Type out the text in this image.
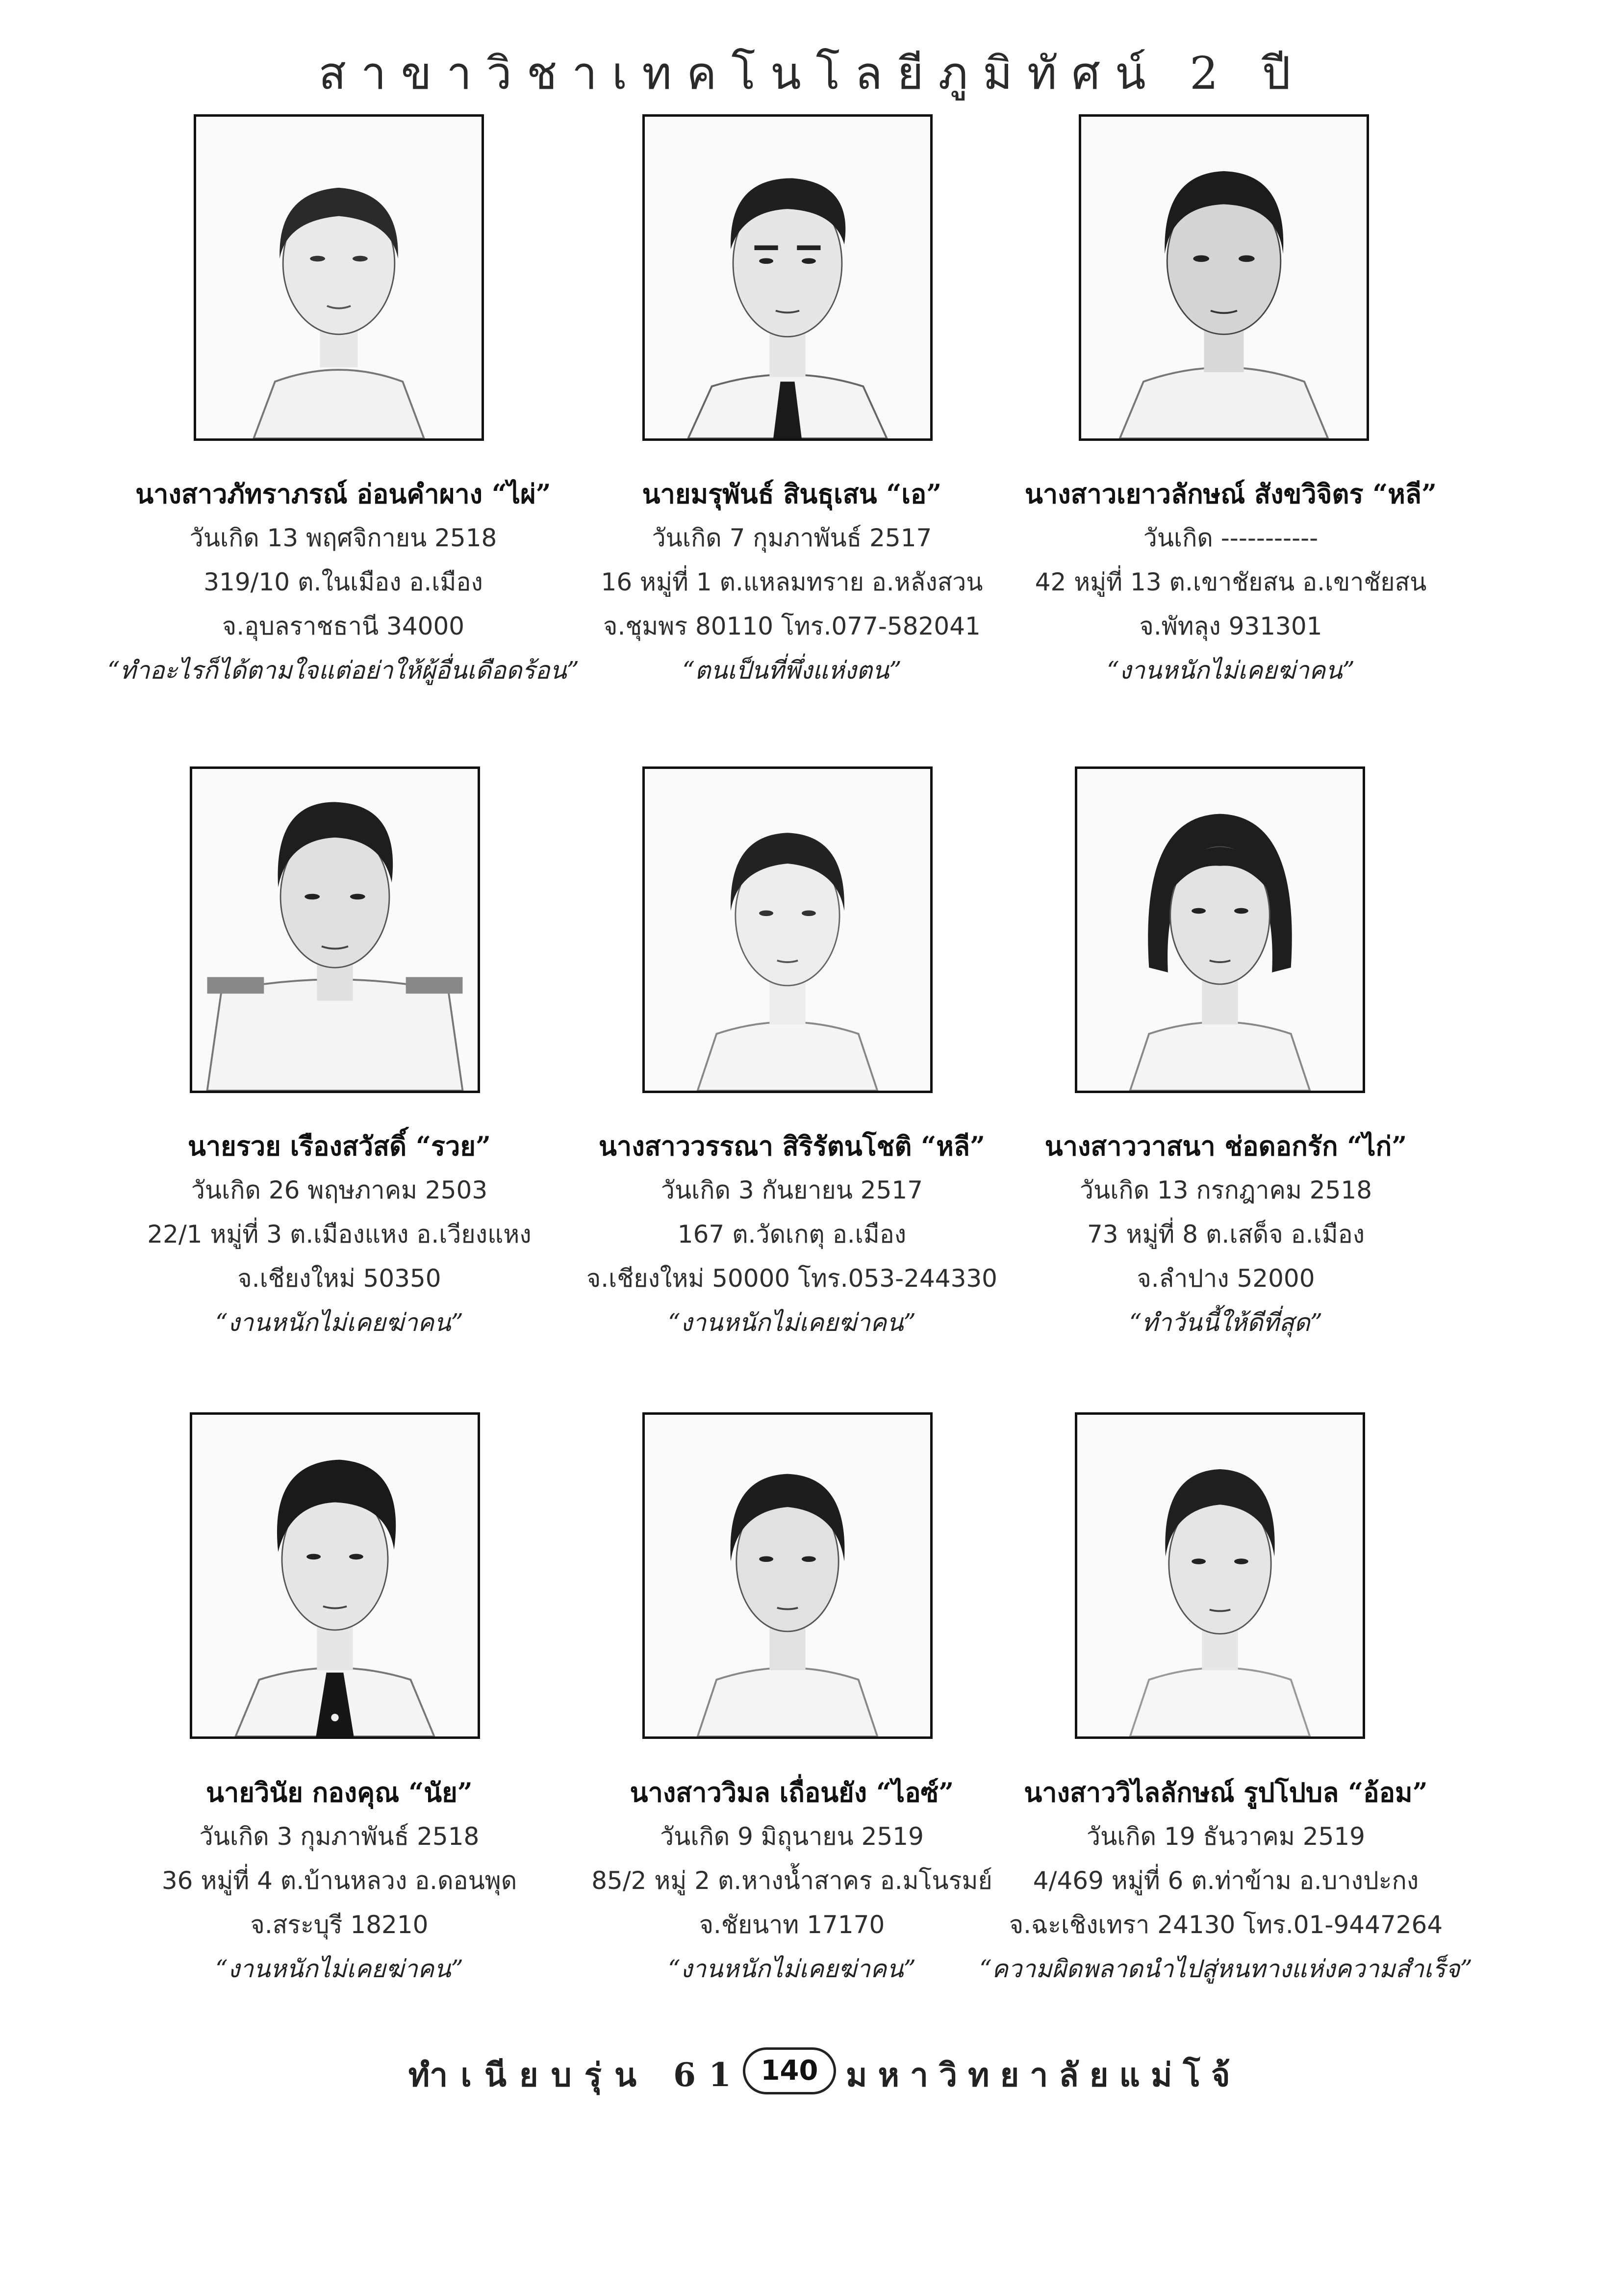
สาขาวิชาเทคโนโลยีภูมิทัศน์ 2 ปี
นางสาวภัทราภรณ์ อ่อนคำผาง “ไผ่”
วันเกิด 13 พฤศจิกายน 2518
319/10 ต.ในเมือง อ.เมือง
จ.อุบลราชธานี 34000
“ทำอะไรก็ได้ตามใจแต่อย่าให้ผู้อื่นเดือดร้อน”
นายมรุพันธ์ สินธุเสน “เอ”
วันเกิด 7 กุมภาพันธ์ 2517
16 หมู่ที่ 1 ต.แหลมทราย อ.หลังสวน
จ.ชุมพร 80110 โทร.077-582041
“ตนเป็นที่พึ่งแห่งตน”
นางสาวเยาวลักษณ์ สังขวิจิตร “หลี”
วันเกิด -----------
42 หมู่ที่ 13 ต.เขาชัยสน อ.เขาชัยสน
จ.พัทลุง 931301
“งานหนักไม่เคยฆ่าคน”
นายรวย เรืองสวัสดิ์ “รวย”
วันเกิด 26 พฤษภาคม 2503
22/1 หมู่ที่ 3 ต.เมืองแหง อ.เวียงแหง
จ.เชียงใหม่ 50350
“งานหนักไม่เคยฆ่าคน”
นางสาววรรณา สิริรัตนโชติ “หลี”
วันเกิด 3 กันยายน 2517
167 ต.วัดเกตุ อ.เมือง
จ.เชียงใหม่ 50000 โทร.053-244330
“งานหนักไม่เคยฆ่าคน”
นางสาววาสนา ช่อดอกรัก “ไก่”
วันเกิด 13 กรกฎาคม 2518
73 หมู่ที่ 8 ต.เสด็จ อ.เมือง
จ.ลำปาง 52000
“ทำวันนี้ให้ดีที่สุด”
นายวินัย กองคุณ “นัย”
วันเกิด 3 กุมภาพันธ์ 2518
36 หมู่ที่ 4 ต.บ้านหลวง อ.ดอนพุด
จ.สระบุรี 18210
“งานหนักไม่เคยฆ่าคน”
นางสาววิมล เถื่อนยัง “ไอซ์”
วันเกิด 9 มิถุนายน 2519
85/2 หมู่ 2 ต.หางน้ำสาคร อ.มโนรมย์
จ.ชัยนาท 17170
“งานหนักไม่เคยฆ่าคน”
นางสาววิไลลักษณ์ รูปโปบล “อ้อม”
วันเกิด 19 ธันวาคม 2519
4/469 หมู่ที่ 6 ต.ท่าข้าม อ.บางปะกง
จ.ฉะเชิงเทรา 24130 โทร.01-9447264
“ความผิดพลาดนำไปสู่หนทางแห่งความสำเร็จ”
ทำเนียบรุ่น 61 140 มหาวิทยาลัยแม่โจ้
